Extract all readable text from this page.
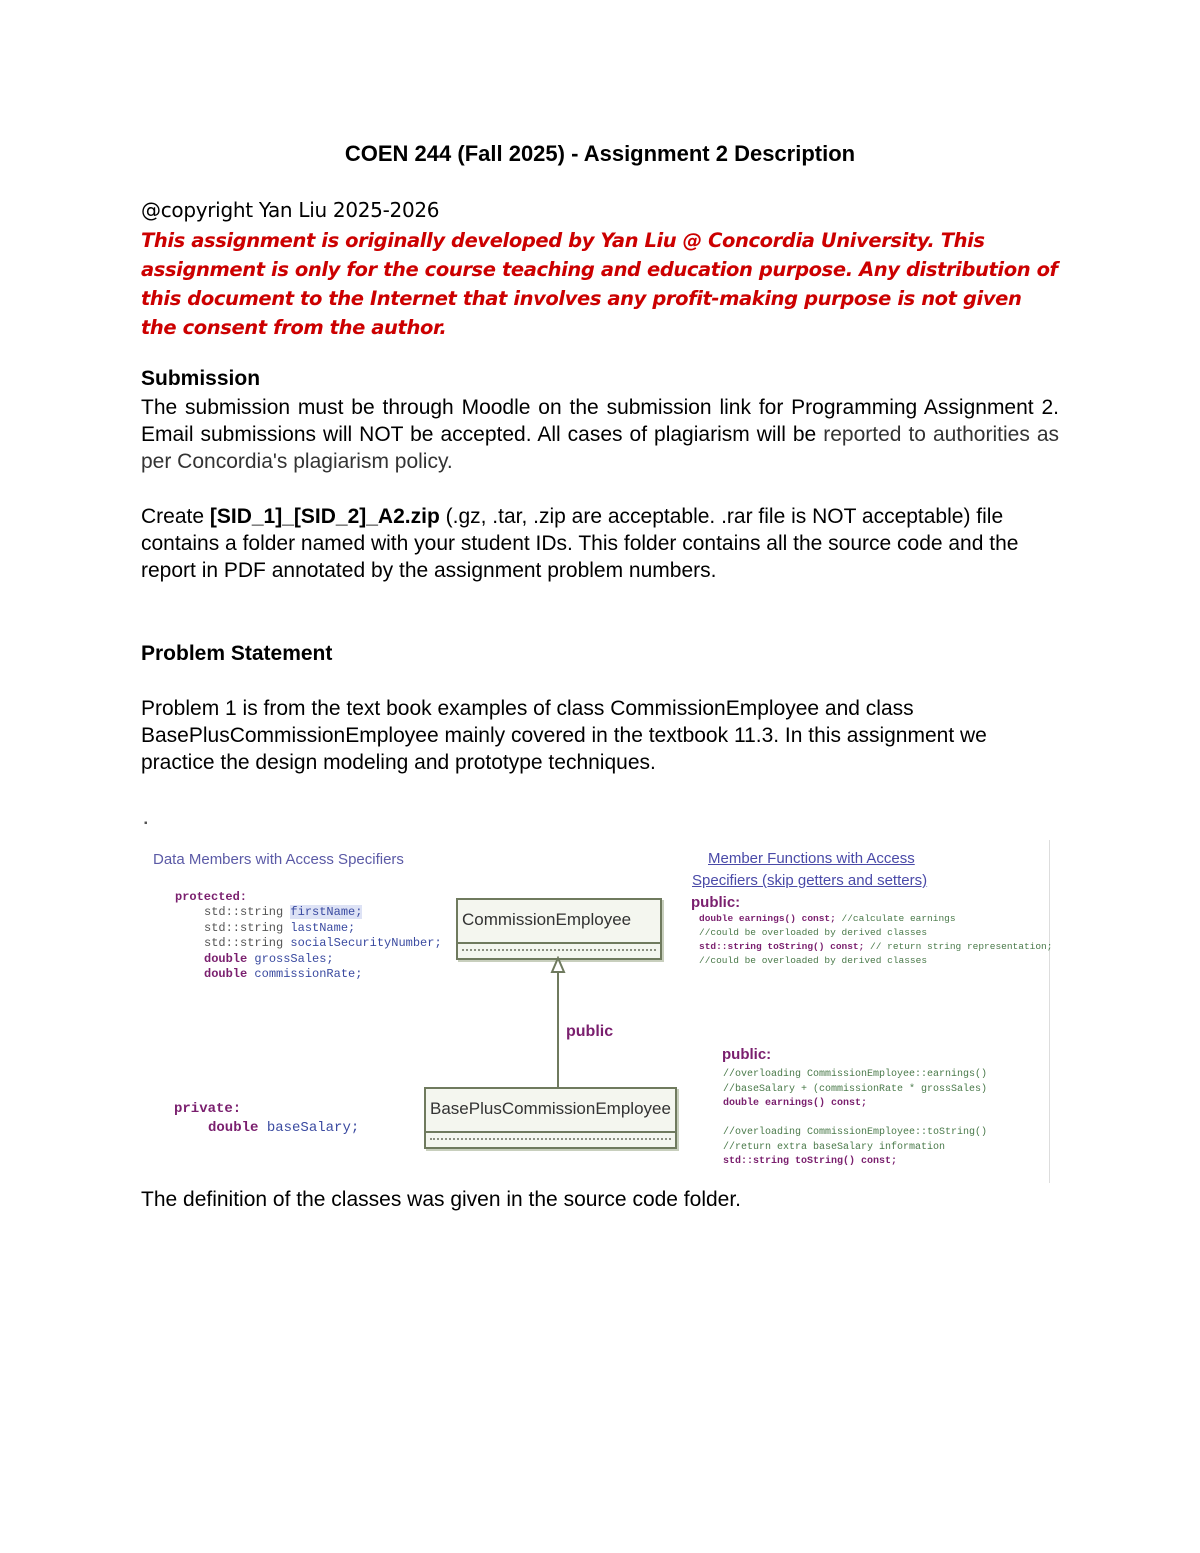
COEN 244 (Fall 2025) - Assignment 2 Description
@copyright Yan Liu 2025-2026
This assignment is originally developed by Yan Liu @ Concordia University. This assignment is only for the course teaching and education purpose. Any distribution of this document to the Internet that involves any profit-making purpose is not given the consent from the author.
Submission
The submission must be through Moodle on the submission link for Programming Assignment 2. Email submissions will NOT be accepted. All cases of plagiarism will be reported to authorities as per Concordia's plagiarism policy.
Create [SID_1]_[SID_2]_A2.zip (.gz, .tar, .zip are acceptable. .rar file is NOT acceptable) file contains a folder named with your student IDs. This folder contains all the source code and the report in PDF annotated by the assignment problem numbers.
Problem Statement
Problem 1 is from the text book examples of class CommissionEmployee and class BasePlusCommissionEmployee mainly covered in the textbook 11.3. In this assignment we practice the design modeling and prototype techniques.
▪
Data Members with Access Specifiers
protected:
std::string firstName;
std::string lastName;
std::string socialSecurityNumber;
double grossSales;
double commissionRate;
private:
double baseSalary;
CommissionEmployee
public
BasePlusCommissionEmployee
Member Functions with Access
Specifiers (skip getters and setters)
public:
double earnings() const; //calculate earnings
//could be overloaded by derived classes
std::string toString() const; // return string representation;
//could be overloaded by derived classes
public:
//overloading CommissionEmployee::earnings()
//baseSalary + (commissionRate * grossSales)
double earnings() const;
//overloading CommissionEmployee::toString()
//return extra baseSalary information
std::string toString() const;
The definition of the classes was given in the source code folder.
